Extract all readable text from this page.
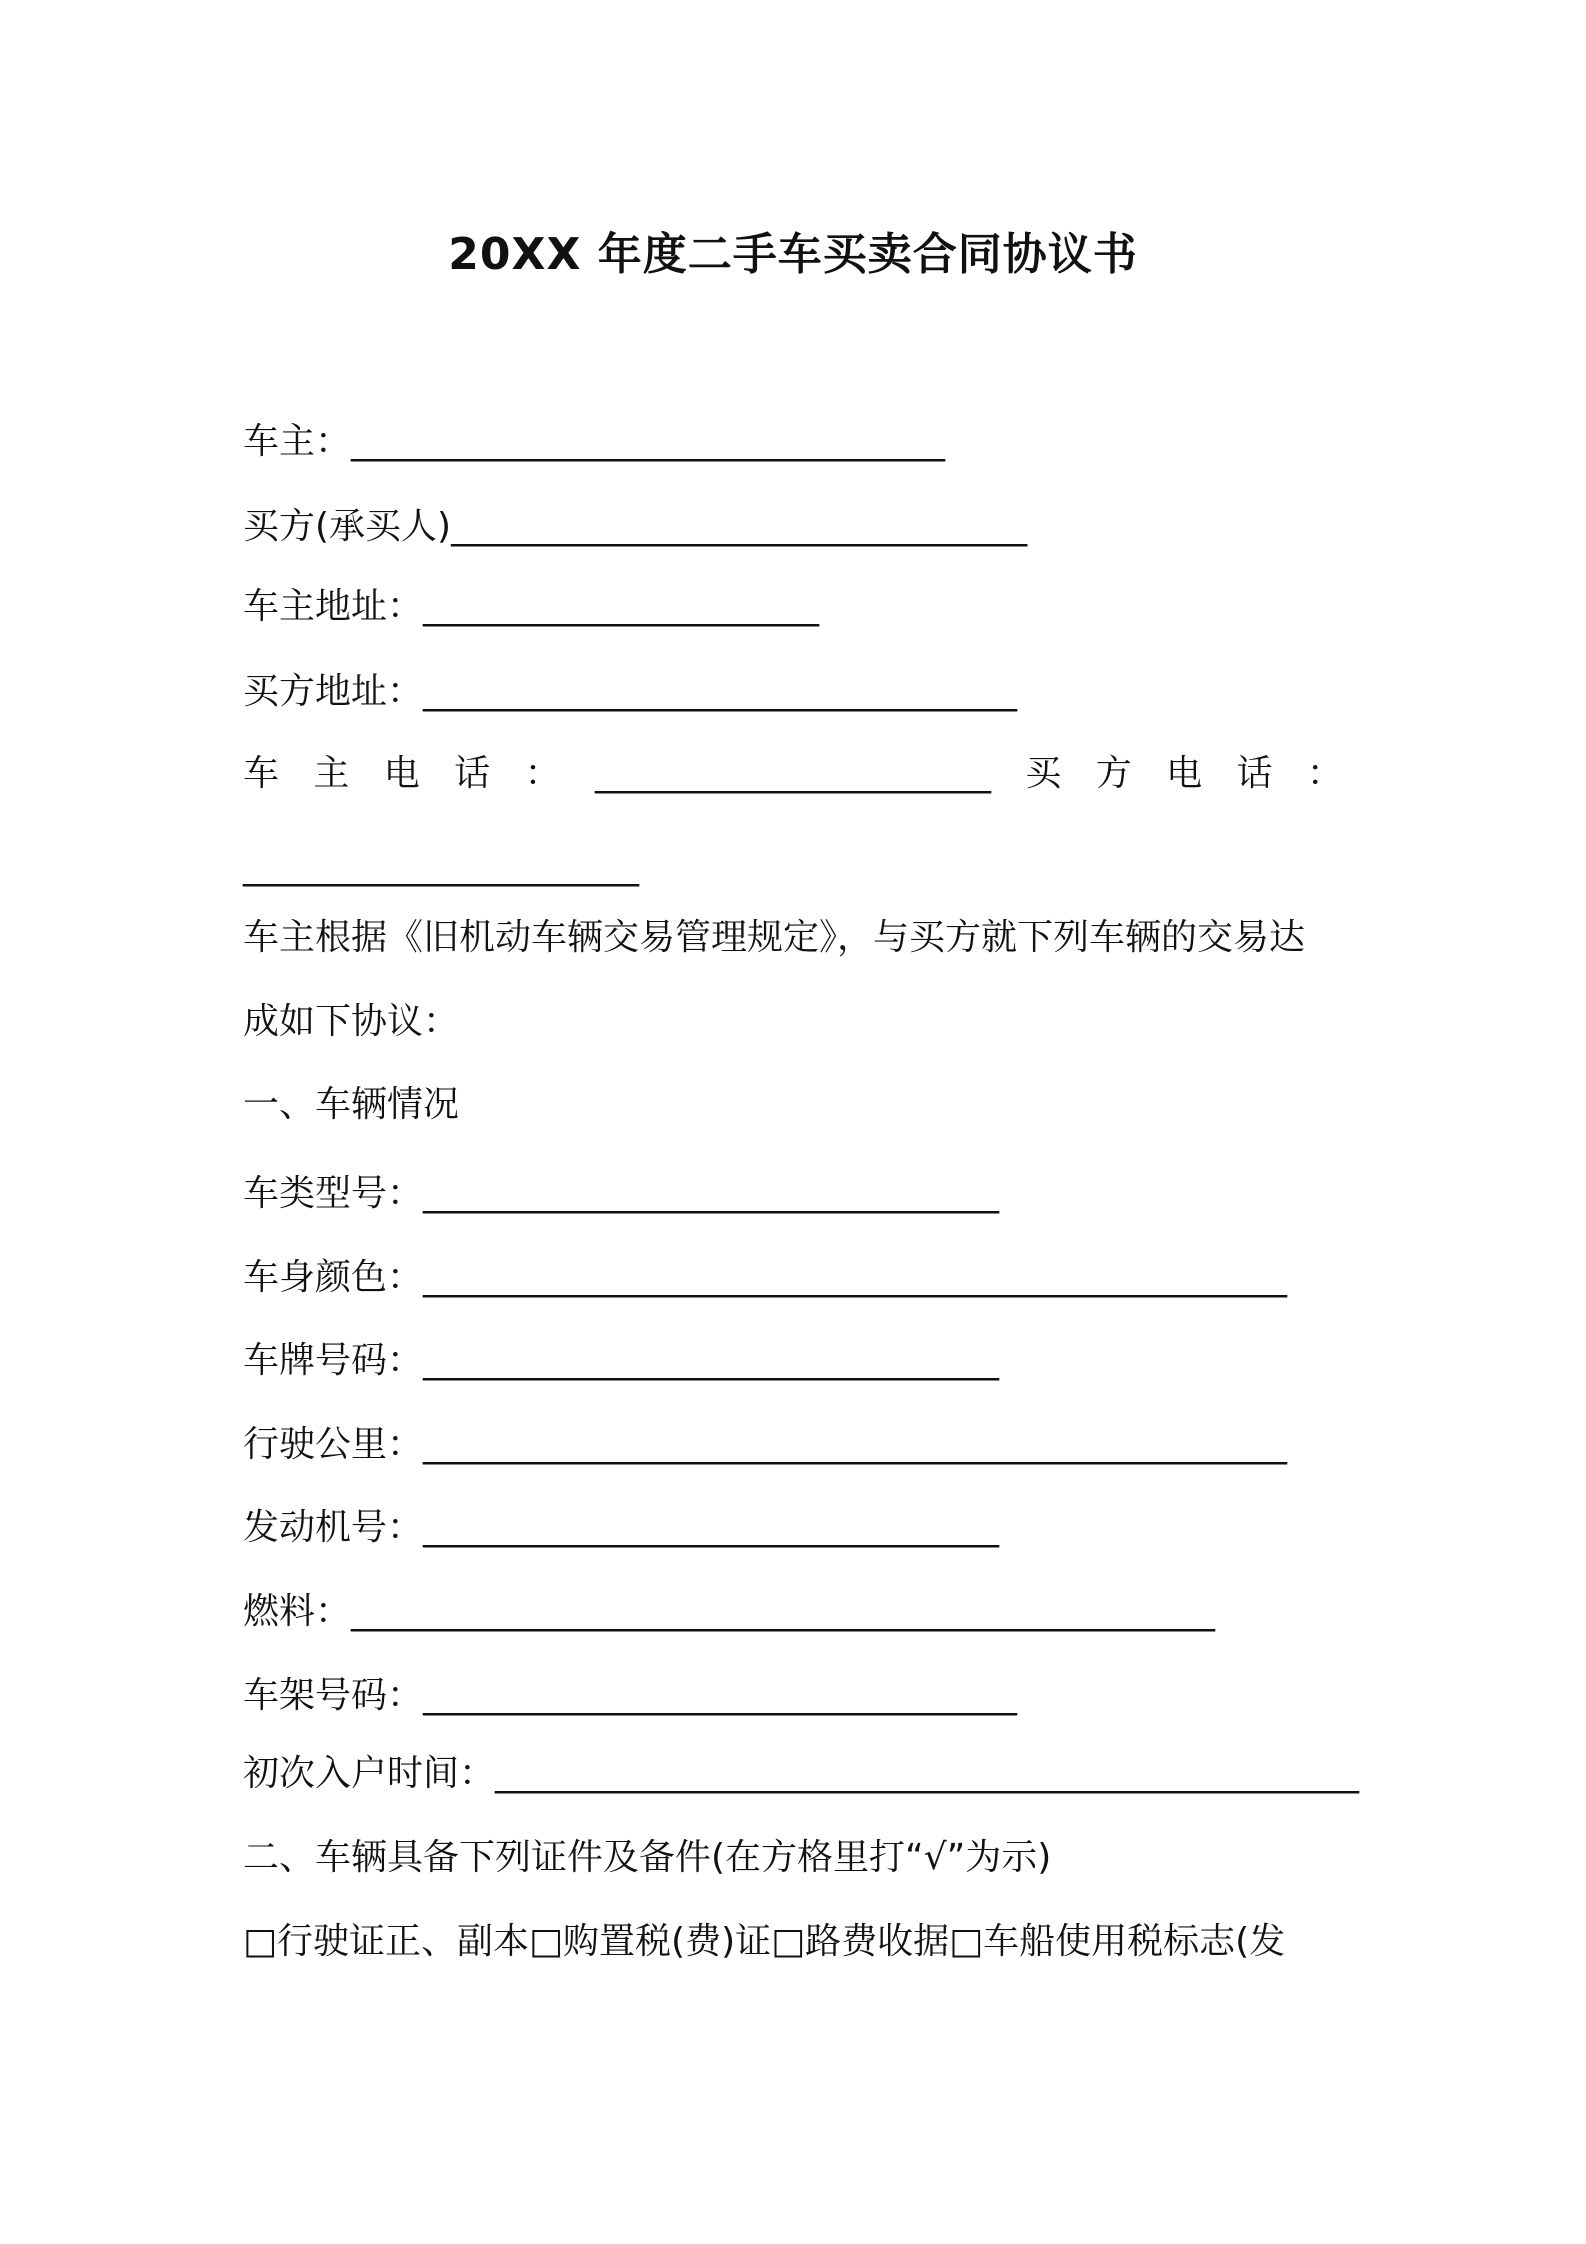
20XX 年度二手车买卖合同协议书
车主：_________________________________
买方(承买人)________________________________
车主地址：______________________
买方地址：_________________________________
车 主 电 话 ： ______________________ 买 方 电 话 ：
______________________
车主根据《旧机动车辆交易管理规定》，与买方就下列车辆的交易达
成如下协议：
一、车辆情况
车类型号：________________________________
车身颜色：________________________________________________
车牌号码：________________________________
行驶公里：________________________________________________
发动机号：________________________________
燃料：________________________________________________
车架号码：_________________________________
初次入户时间：________________________________________________
二、车辆具备下列证件及备件(在方格里打“√”为示)
□行驶证正、副本□购置税(费)证□路费收据□车船使用税标志(发
